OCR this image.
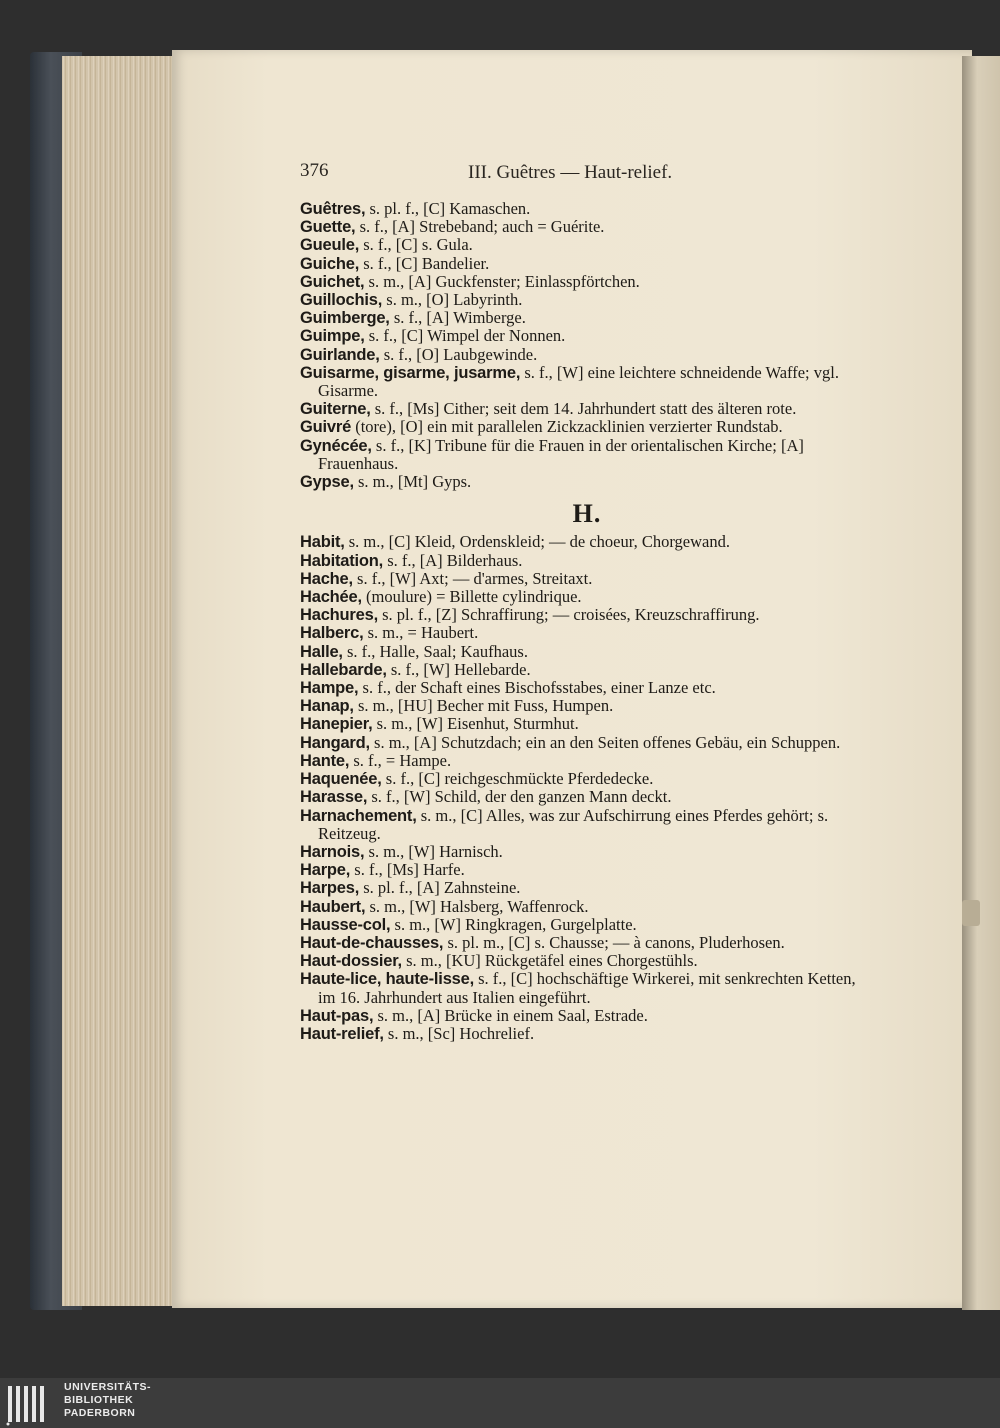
376	III. Guêtres — Haut-relief.
Guêtres, s. pl. f., [C] Kamaschen.
Guette, s. f., [A] Strebeband; auch = Guérite.
Gueule, s. f., [C] s. Gula.
Guiche, s. f., [C] Bandelier.
Guichet, s. m., [A] Guckfenster; Einlasspförtchen.
Guillochis, s. m., [O] Labyrinth.
Guimberge, s. f., [A] Wimberge.
Guimpe, s. f., [C] Wimpel der Nonnen.
Guirlande, s. f., [O] Laubgewinde.
Guisarme, gisarme, jusarme, s. f., [W] eine leichtere schneidende Waffe; vgl. Gisarme.
Guiterne, s. f., [Ms] Cither; seit dem 14. Jahrhundert statt des älteren rote.
Guivré (tore), [O] ein mit parallelen Zickzacklinien verzierter Rundstab.
Gynécée, s. f., [K] Tribune für die Frauen in der orientalischen Kirche; [A] Frauenhaus.
Gypse, s. m., [Mt] Gyps.
H.
Habit, s. m., [C] Kleid, Ordenskleid; — de choeur, Chorgewand.
Habitation, s. f., [A] Bilderhaus.
Hache, s. f., [W] Axt; — d'armes, Streitaxt.
Hachée, (moulure) = Billette cylindrique.
Hachures, s. pl. f., [Z] Schraffirung; — croisées, Kreuzschraffirung.
Halberc, s. m., = Haubert.
Halle, s. f., Halle, Saal; Kaufhaus.
Hallebarde, s. f., [W] Hellebarde.
Hampe, s. f., der Schaft eines Bischofsstabes, einer Lanze etc.
Hanap, s. m., [HU] Becher mit Fuss, Humpen.
Hanepier, s. m., [W] Eisenhut, Sturmhut.
Hangard, s. m., [A] Schutzdach; ein an den Seiten offenes Gebäu, ein Schuppen.
Hante, s. f., = Hampe.
Haquenée, s. f., [C] reichgeschmückte Pferdedecke.
Harasse, s. f., [W] Schild, der den ganzen Mann deckt.
Harnachement, s. m., [C] Alles, was zur Aufschirrung eines Pferdes gehört; s. Reitzeug.
Harnois, s. m., [W] Harnisch.
Harpe, s. f., [Ms] Harfe.
Harpes, s. pl. f., [A] Zahnsteine.
Haubert, s. m., [W] Halsberg, Waffenrock.
Hausse-col, s. m., [W] Ringkragen, Gurgelplatte.
Haut-de-chausses, s. pl. m., [C] s. Chausse; — à canons, Pluderhosen.
Haut-dossier, s. m., [KU] Rückgetäfel eines Chorgestühls.
Haute-lice, haute-lisse, s. f., [C] hochschäftige Wirkerei, mit senkrechten Ketten, im 16. Jahrhundert aus Italien eingeführt.
Haut-pas, s. m., [A] Brücke in einem Saal, Estrade.
Haut-relief, s. m., [Sc] Hochrelief.
UNIVERSITÄTS-
BIBLIOTHEK
PADERBORN
